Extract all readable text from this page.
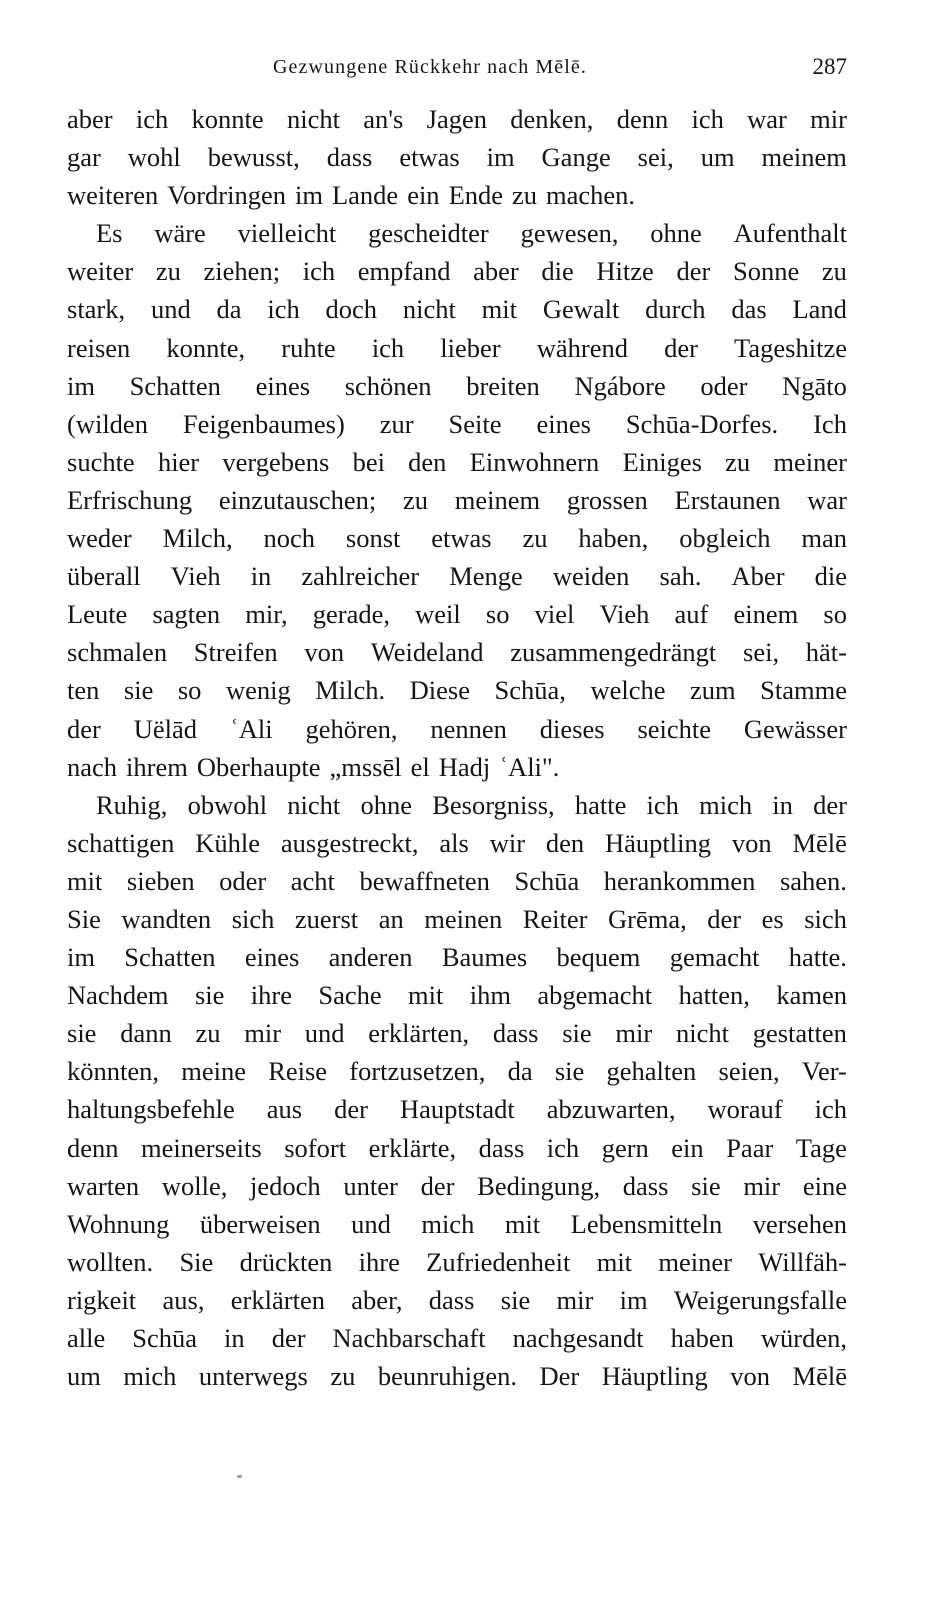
Gezwungene Rückkehr nach Mēlē.	287
aber ich konnte nicht an's Jagen denken, denn ich war mir
gar wohl bewusst, dass etwas im Gange sei, um meinem
weiteren Vordringen im Lande ein Ende zu machen.
Es wäre vielleicht gescheidter gewesen, ohne Aufenthalt
weiter zu ziehen; ich empfand aber die Hitze der Sonne zu
stark, und da ich doch nicht mit Gewalt durch das Land
reisen konnte, ruhte ich lieber während der Tageshitze
im Schatten eines schönen breiten Ngábore oder Ngāto
(wilden Feigenbaumes) zur Seite eines Schūa-Dorfes. Ich
suchte hier vergebens bei den Einwohnern Einiges zu meiner
Erfrischung einzutauschen; zu meinem grossen Erstaunen war
weder Milch, noch sonst etwas zu haben, obgleich man
überall Vieh in zahlreicher Menge weiden sah. Aber die
Leute sagten mir, gerade, weil so viel Vieh auf einem so
schmalen Streifen von Weideland zusammengedrängt sei, hät-
ten sie so wenig Milch. Diese Schūa, welche zum Stamme
der Uëlād ʿAli gehören, nennen dieses seichte Gewässer
nach ihrem Oberhaupte „mssēl el Hadj ʿAli".
Ruhig, obwohl nicht ohne Besorgniss, hatte ich mich in der
schattigen Kühle ausgestreckt, als wir den Häuptling von Mēlē
mit sieben oder acht bewaffneten Schūa herankommen sahen.
Sie wandten sich zuerst an meinen Reiter Grēma, der es sich
im Schatten eines anderen Baumes bequem gemacht hatte.
Nachdem sie ihre Sache mit ihm abgemacht hatten, kamen
sie dann zu mir und erklärten, dass sie mir nicht gestatten
könnten, meine Reise fortzusetzen, da sie gehalten seien, Ver-
haltungsbefehle aus der Hauptstadt abzuwarten, worauf ich
denn meinerseits sofort erklärte, dass ich gern ein Paar Tage
warten wolle, jedoch unter der Bedingung, dass sie mir eine
Wohnung überweisen und mich mit Lebensmitteln versehen
wollten. Sie drückten ihre Zufriedenheit mit meiner Willfäh-
rigkeit aus, erklärten aber, dass sie mir im Weigerungsfalle
alle Schūa in der Nachbarschaft nachgesandt haben würden,
um mich unterwegs zu beunruhigen. Der Häuptling von Mēlē
